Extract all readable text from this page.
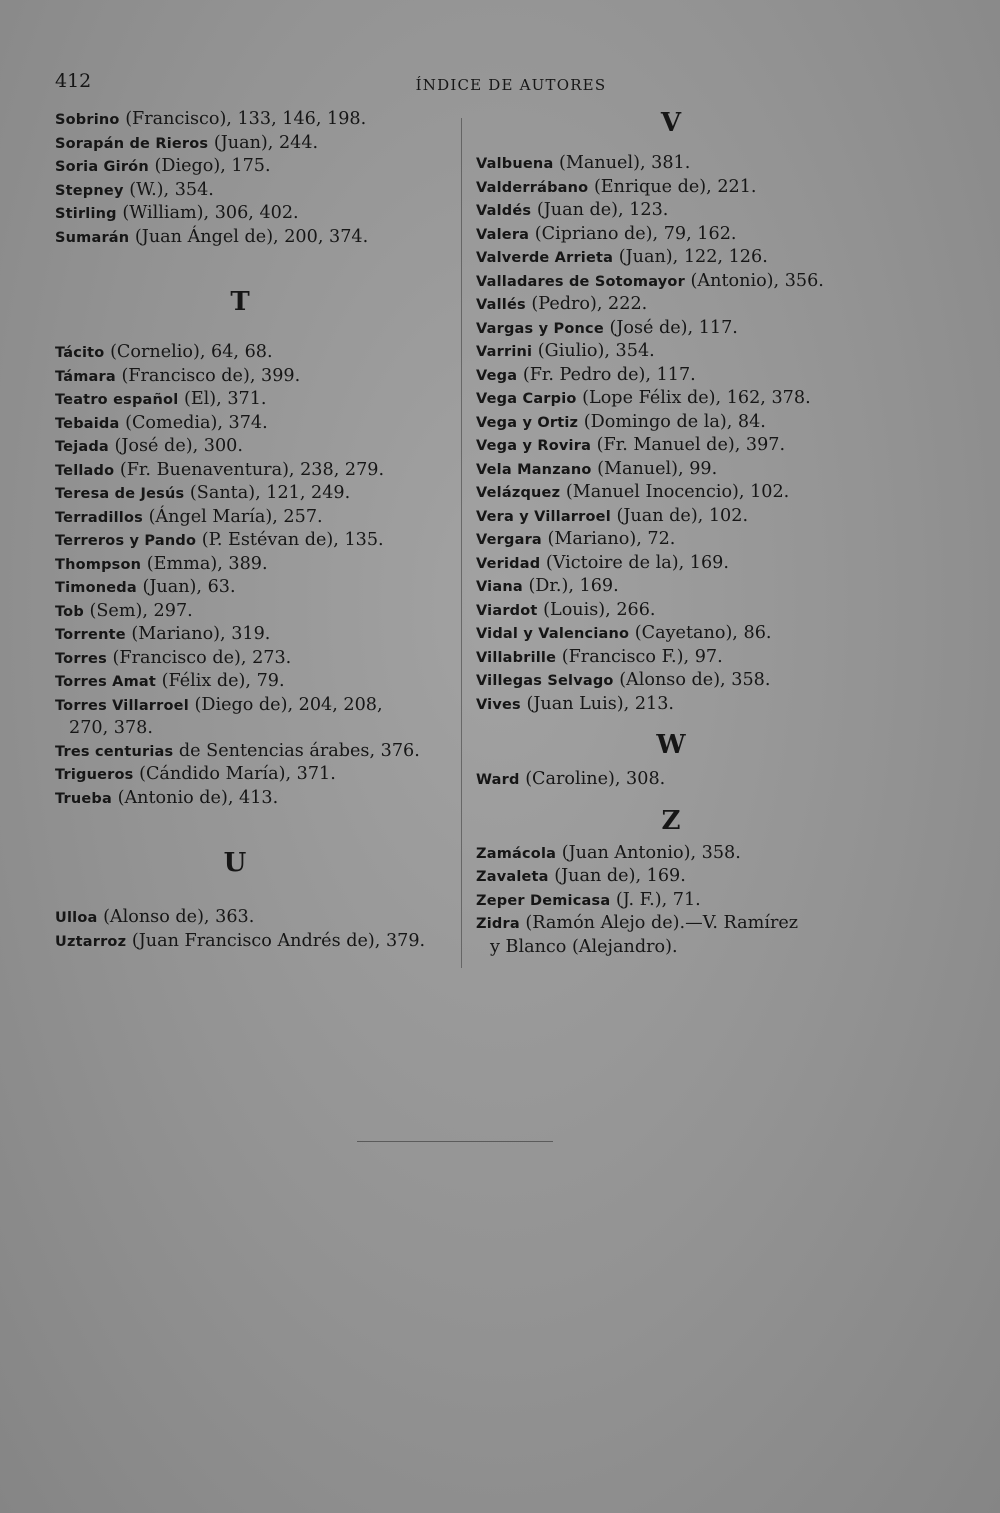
412	ÍNDICE DE AUTORES

Sobrino (Francisco), 133, 146, 198.

Sorapán de Rieros (Juan), 244.

Soria Girón (Diego), 175.

Stepney (W.), 354.

Stirling (William), 306, 402.

Sumarán (Juan Ángel de), 200, 374.

T

Tácito (Cornelio), 64, 68.

Támara (Francisco de), 399.

Teatro español (El), 371.

Tebaida (Comedia), 374.

Tejada (José de), 300.

Tellado (Fr. Buenaventura), 238, 279.

Teresa de Jesús (Santa), 121, 249.

Terradillos (Ángel María), 257.

Terreros y Pando (P. Estévan de), 135.

Thompson (Emma), 389.

Timoneda (Juan), 63.

Tob (Sem), 297.

Torrente (Mariano), 319.

Torres (Francisco de), 273.

Torres Amat (Félix de), 79.

Torres Villarroel (Diego de), 204, 208,
270, 378.

Tres centurias de Sentencias árabes, 376.

Trigueros (Cándido María), 371.

Trueba (Antonio de), 413.

U

Ulloa (Alonso de), 363.

Uztarroz (Juan Francisco Andrés de), 379.

V

Valbuena (Manuel), 381.

Valderrábano (Enrique de), 221.

Valdés (Juan de), 123.

Valera (Cipriano de), 79, 162.

Valverde Arrieta (Juan), 122, 126.

Valladares de Sotomayor (Antonio), 356.

Vallés (Pedro), 222.

Vargas y Ponce (José de), 117.

Varrini (Giulio), 354.

Vega (Fr. Pedro de), 117.

Vega Carpio (Lope Félix de), 162, 378.

Vega y Ortiz (Domingo de la), 84.

Vega y Rovira (Fr. Manuel de), 397.

Vela Manzano (Manuel), 99.

Velázquez (Manuel Inocencio), 102.

Vera y Villarroel (Juan de), 102.

Vergara (Mariano), 72.

Veridad (Victoire de la), 169.

Viana (Dr.), 169.

Viardot (Louis), 266.

Vidal y Valenciano (Cayetano), 86.

Villabrille (Francisco F.), 97.

Villegas Selvago (Alonso de), 358.

Vives (Juan Luis), 213.

W

Ward (Caroline), 308.

Z

Zamácola (Juan Antonio), 358.

Zavaleta (Juan de), 169.

Zeper Demicasa (J. F.), 71.

Zidra (Ramón Alejo de).—V. Ramírez
y Blanco (Alejandro).
